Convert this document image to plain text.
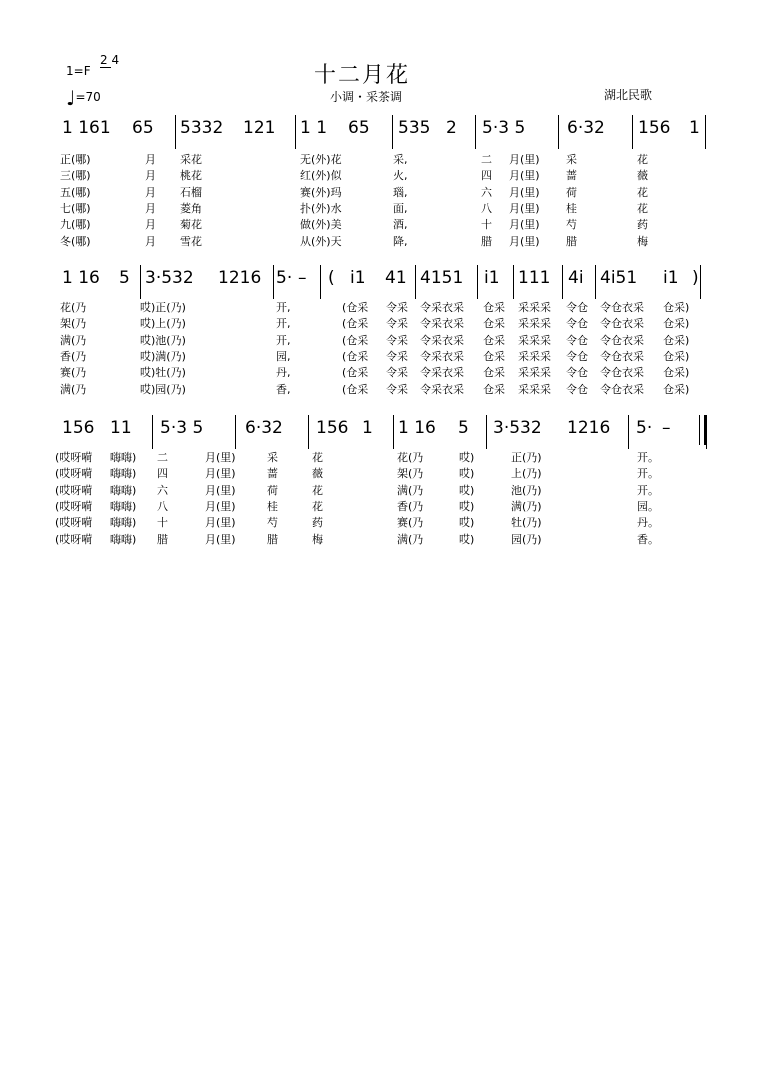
十二月花
小调・采茶调	湖北民歌
1=F
2 4
♩=70
1 161 65 5332 121 1 1 65 535 2 5·3 5 6·32 156 1
正(哪)	月 采花	无(外)花	采,	二 月(里) 采	花
三(哪)	月 桃花	红(外)似	火,	四 月(里) 蔷	薇
五(哪)	月 石榴	赛(外)玛	瑙,	六 月(里) 荷	花
七(哪)	月 菱角	扑(外)水	面,	八 月(里) 桂	花
九(哪)	月 菊花	做(外)美	酒,	十 月(里) 芍	药
冬(哪)	月 雪花	从(外)天	降,	腊 月(里) 腊	梅
1 16 5 3·532 1216 5· – ( i1 41 4151 i1 111 4i 4i51 i1 )
花(乃	哎)正(乃)	开,	(仓采 令采 令采衣采 仓采 采采采 令仓 令仓衣采 仓采)
架(乃	哎)上(乃)	开,	(仓采 令采 令采衣采 仓采 采采采 令仓 令仓衣采 仓采)
满(乃	哎)池(乃)	开,	(仓采 令采 令采衣采 仓采 采采采 令仓 令仓衣采 仓采)
香(乃	哎)满(乃)	园,	(仓采 令采 令采衣采 仓采 采采采 令仓 令仓衣采 仓采)
赛(乃	哎)牡(乃)	丹,	(仓采 令采 令采衣采 仓采 采采采 令仓 令仓衣采 仓采)
满(乃	哎)园(乃)	香,	(仓采 令采 令采衣采 仓采 采采采 令仓 令仓衣采 仓采)
156 11 5·3 5 6·32 156 1 1 16 5 3·532 1216 5· –
(哎呀嗬 嗨嗨) 二	月(里)	采	花	花(乃	哎)	正(乃)	开。
(哎呀嗬 嗨嗨) 四	月(里)	蔷	薇	架(乃	哎)	上(乃)	开。
(哎呀嗬 嗨嗨) 六	月(里)	荷	花	满(乃	哎)	池(乃)	开。
(哎呀嗬 嗨嗨) 八	月(里)	桂	花	香(乃	哎)	满(乃)	园。
(哎呀嗬 嗨嗨) 十	月(里)	芍	药	赛(乃	哎)	牡(乃)	丹。
(哎呀嗬 嗨嗨) 腊	月(里)	腊	梅	满(乃	哎)	园(乃)	香。
